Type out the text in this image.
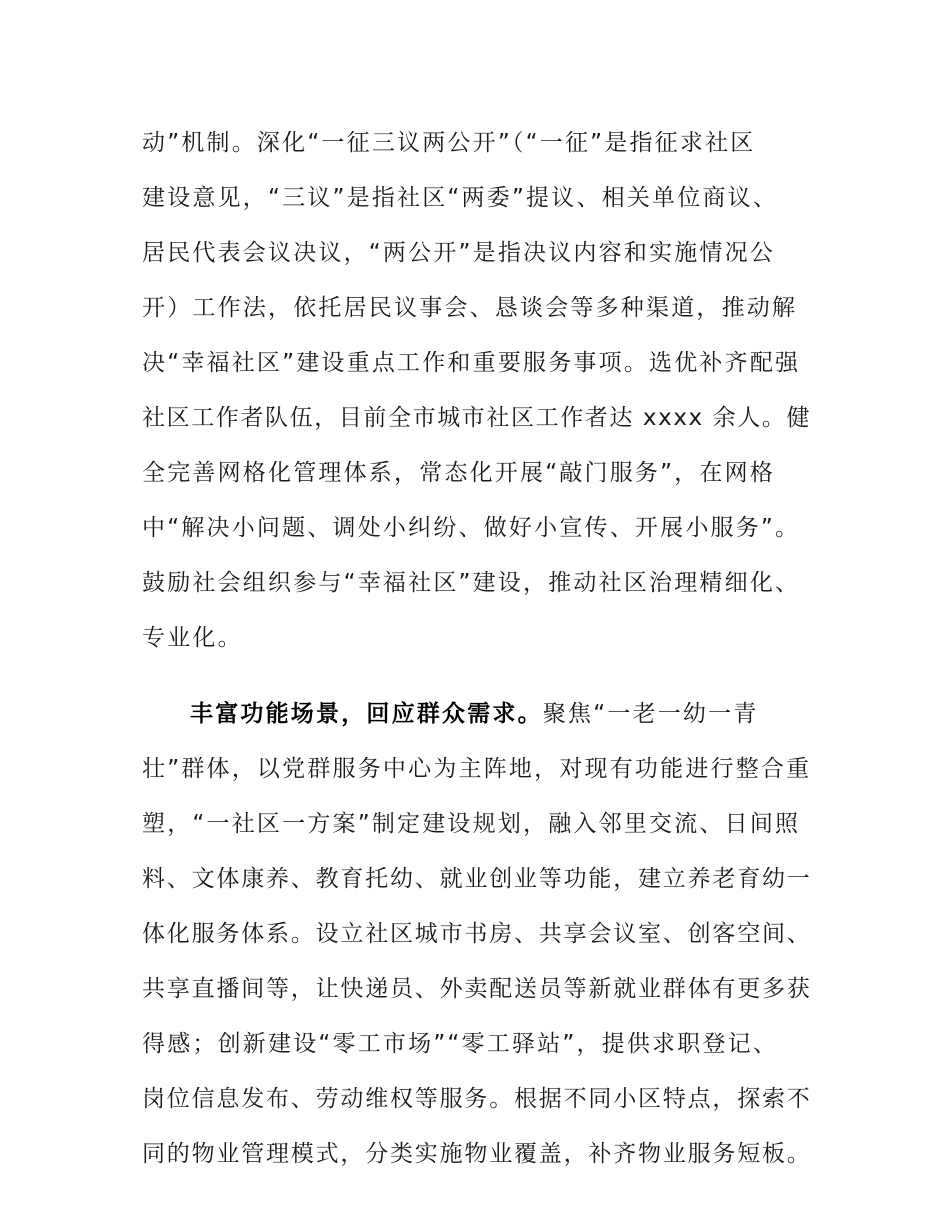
动”机制。深化“一征三议两公开”（“一征”是指征求社区
建设意见，“三议”是指社区“两委”提议、相关单位商议、
居民代表会议决议，“两公开”是指决议内容和实施情况公
开）工作法，依托居民议事会、恳谈会等多种渠道，推动解
决“幸福社区”建设重点工作和重要服务事项。选优补齐配强
社区工作者队伍，目前全市城市社区工作者达 xxxx 余人。健
全完善网格化管理体系，常态化开展“敲门服务”，在网格
中“解决小问题、调处小纠纷、做好小宣传、开展小服务”。
鼓励社会组织参与“幸福社区”建设，推动社区治理精细化、
专业化。
丰富功能场景，回应群众需求。聚焦“一老一幼一青
壮”群体，以党群服务中心为主阵地，对现有功能进行整合重
塑，“一社区一方案”制定建设规划，融入邻里交流、日间照
料、文体康养、教育托幼、就业创业等功能，建立养老育幼一
体化服务体系。设立社区城市书房、共享会议室、创客空间、
共享直播间等，让快递员、外卖配送员等新就业群体有更多获
得感；创新建设“零工市场”“零工驿站”，提供求职登记、
岗位信息发布、劳动维权等服务。根据不同小区特点，探索不
同的物业管理模式，分类实施物业覆盖，补齐物业服务短板。
